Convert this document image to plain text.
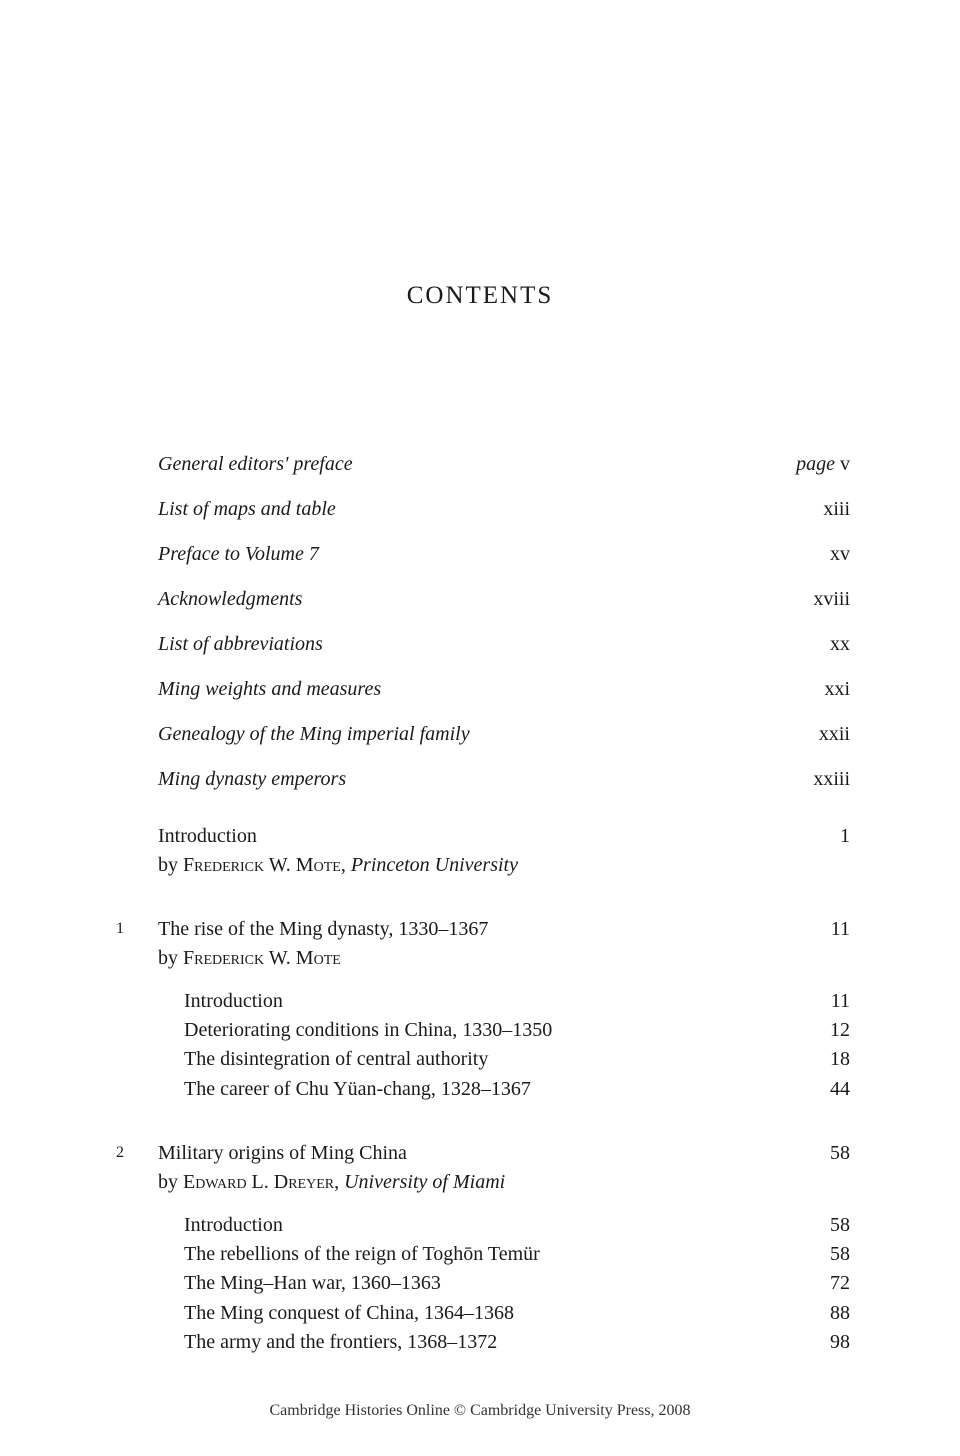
CONTENTS
General editors' preface	page v
List of maps and table	xiii
Preface to Volume 7	xv
Acknowledgments	xviii
List of abbreviations	xx
Ming weights and measures	xxi
Genealogy of the Ming imperial family	xxii
Ming dynasty emperors	xxiii
Introduction	1
by Frederick W. Mote, Princeton University
1	The rise of the Ming dynasty, 1330–1367	11
by Frederick W. Mote
Introduction	11
Deteriorating conditions in China, 1330–1350	12
The disintegration of central authority	18
The career of Chu Yüan-chang, 1328–1367	44
2	Military origins of Ming China	58
by Edward L. Dreyer, University of Miami
Introduction	58
The rebellions of the reign of Toghōn Temür	58
The Ming–Han war, 1360–1363	72
The Ming conquest of China, 1364–1368	88
The army and the frontiers, 1368–1372	98
Cambridge Histories Online © Cambridge University Press, 2008
